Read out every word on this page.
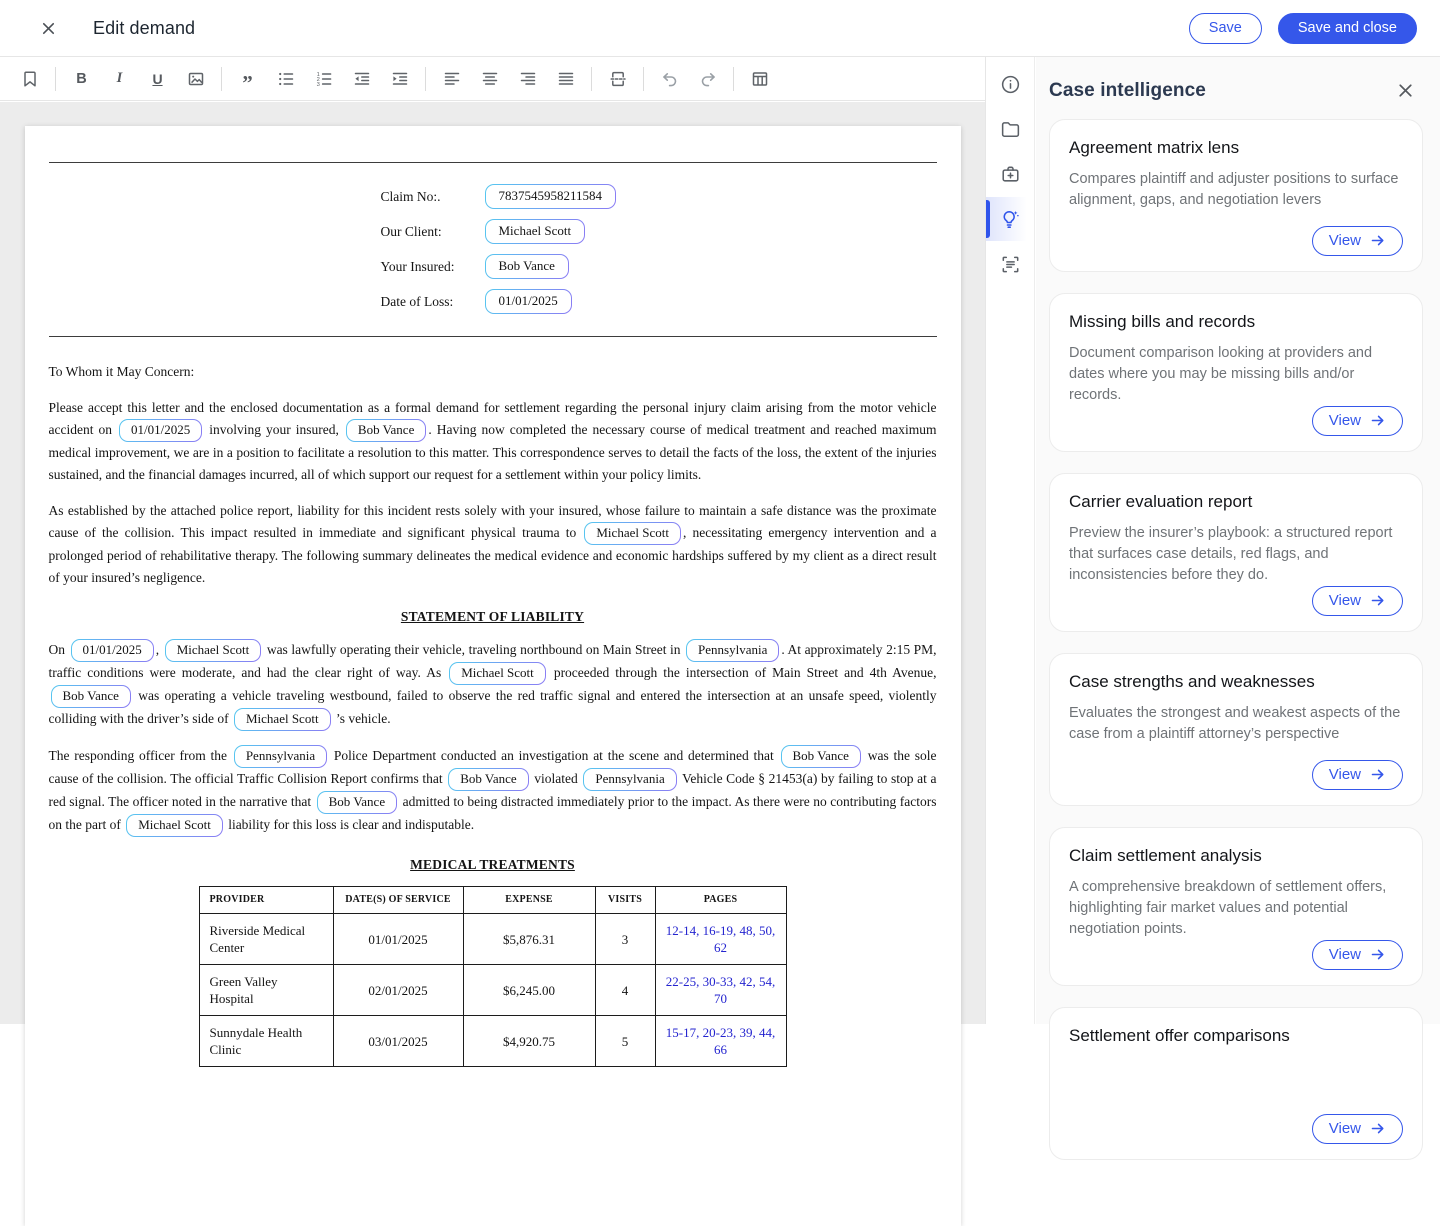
Edit demand	Save	Save and close
B I U	”	1
2
3
Claim No:.	7837545958211584
Our Client:	Michael Scott
Your Insured:	Bob Vance
Date of Loss:	01/01/2025

To Whom it May Concern:

Please accept this letter and the enclosed documentation as a formal demand for settlement regarding the personal injury claim arising from the motor vehicle accident on 01/01/2025 involving your insured, Bob Vance . Having now completed the necessary course of medical treatment and reached maximum medical improvement, we are in a position to facilitate a resolution to this matter. This correspondence serves to detail the facts of the loss, the extent of the injuries sustained, and the financial damages incurred, all of which support our request for a settlement within your policy limits.

As established by the attached police report, liability for this incident rests solely with your insured, whose failure to maintain a safe distance was the proximate cause of the collision. This impact resulted in immediate and significant physical trauma to Michael Scott , necessitating emergency intervention and a prolonged period of rehabilitative therapy. The following summary delineates the medical evidence and economic hardships suffered by my client as a direct result of your insured’s negligence.

STATEMENT OF LIABILITY

On 01/01/2025 , Michael Scott was lawfully operating their vehicle, traveling northbound on Main Street in Pennsylvania . At approximately 2:15 PM, traffic conditions were moderate, and had the clear right of way. As Michael Scott proceeded through the intersection of Main Street and 4th Avenue, Bob Vance was operating a vehicle traveling westbound, failed to observe the red traffic signal and entered the intersection at an unsafe speed, violently colliding with the driver’s side of Michael Scott ’s vehicle.

The responding officer from the Pennsylvania Police Department conducted an investigation at the scene and determined that Bob Vance was the sole cause of the collision. The official Traffic Collision Report confirms that Bob Vance violated Pennsylvania Vehicle Code § 21453(a) by failing to stop at a red signal. The officer noted in the narrative that Bob Vance admitted to being distracted immediately prior to the impact. As there were no contributing factors on the part of Michael Scott liability for this loss is clear and indisputable.

MEDICAL TREATMENTS
PROVIDER	DATE(S) OF SERVICE	EXPENSE	VISITS	PAGES
Riverside Medical Center	01/01/2025	$5,876.31	3	12-14, 16-19, 48, 50, 62
Green Valley Hospital	02/01/2025	$6,245.00	4	22-25, 30-33, 42, 54, 70
Sunnydale Health Clinic	03/01/2025	$4,920.75	5	15-17, 20-23, 39, 44, 66
Case intelligence
Agreement matrix lens
Compares plaintiff and adjuster positions to surface alignment, gaps, and negotiation levers
View
Missing bills and records
Document comparison looking at providers and dates where you may be missing bills and/or records.
View
Carrier evaluation report
Preview the insurer’s playbook: a structured report that surfaces case details, red flags, and inconsistencies before they do.
View
Case strengths and weaknesses
Evaluates the strongest and weakest aspects of the case from a plaintiff attorney’s perspective
View
Claim settlement analysis
A comprehensive breakdown of settlement offers, highlighting fair market values and potential negotiation points.
View
Settlement offer comparisons
View
